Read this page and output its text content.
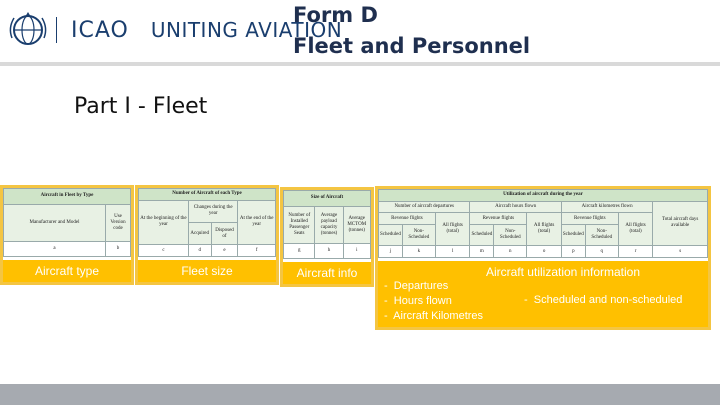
ICAO UNITING AVIATION
Form D
Fleet and Personnel
Part I - Fleet
Aircraft in Fleet by Type	
Manufacturer and Model	Use Version code
a	b
Aircraft type
Number of Aircraft of each Type			
At the beginning of the year	Changes during the year		At the end of the year
	Acquired	Disposed of	
c	d	e	f
Fleet size
Size of Aircraft		
Number of Installed Passenger Seats	Average payload capacity (tonnes)	Average MCTOM (tonnes)
g	h	i
Aircraft info
Utilization of aircraft during the year									
Number of aircraft departures			Aircraft hours flown			Aircraft kilometres flown			Total aircraft days available
Revenue flights		All flights (total)	Revenue flights		All flights (total)	Revenue flights		All flights (total)	
Scheduled	Non-Scheduled		Scheduled	Non-Scheduled		Scheduled	Non-Scheduled		
j	k	l	m	n	o	p	q	r	s
Aircraft utilization information
-  Departures
-  Hours flown
-  Aircraft Kilometres
-  Scheduled and non-scheduled
